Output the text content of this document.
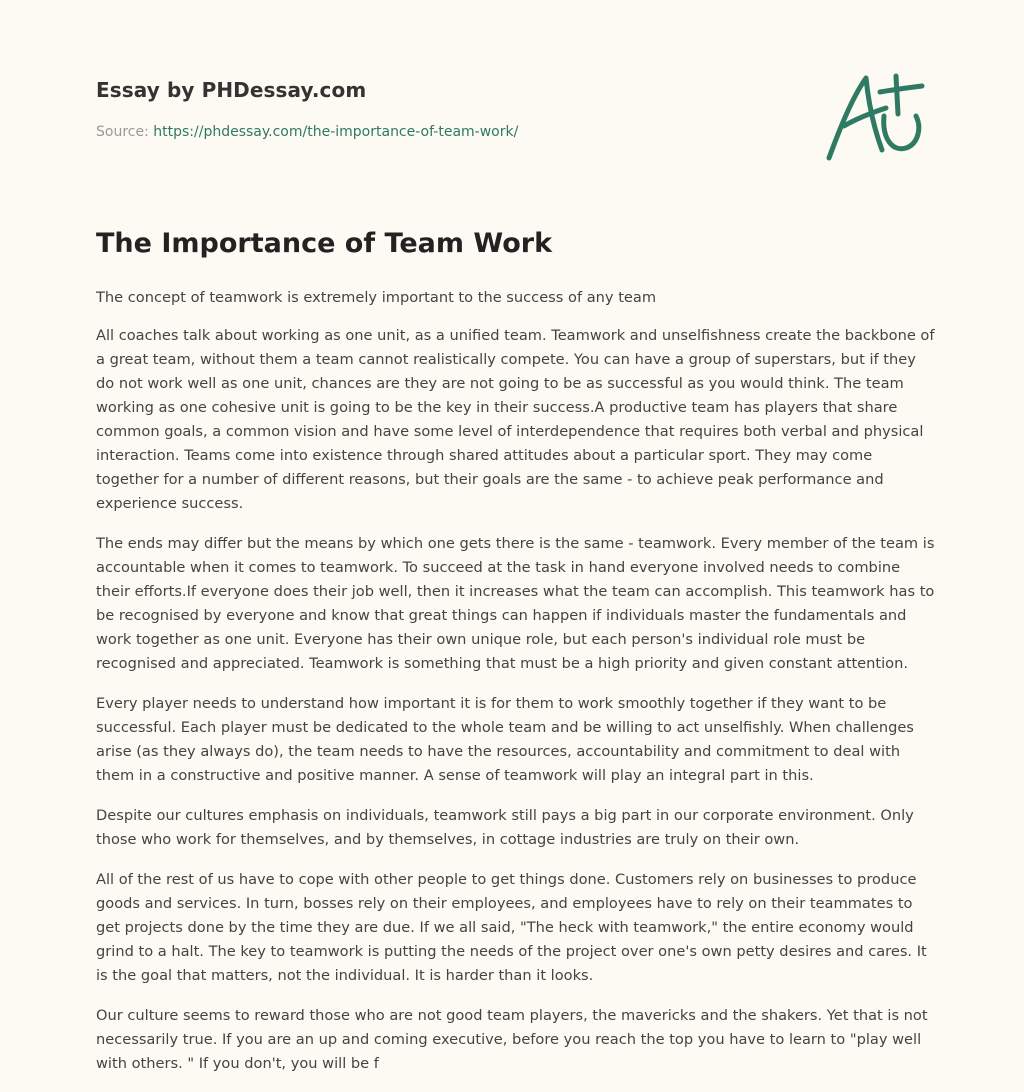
Essay by PHDessay.com

Source: https://phdessay.com/the-importance-of-team-work/
The Importance of Team Work

The concept of teamwork is extremely important to the success of any team

All coaches talk about working as one unit, as a unified team. Teamwork and unselfishness create the backbone of a great team, without them a team cannot realistically compete. You can have a group of superstars, but if they do not work well as one unit, chances are they are not going to be as successful as you would think. The team working as one cohesive unit is going to be the key in their success.A productive team has players that share common goals, a common vision and have some level of interdependence that requires both verbal and physical interaction. Teams come into existence through shared attitudes about a particular sport. They may come together for a number of different reasons, but their goals are the same - to achieve peak performance and experience success.

The ends may differ but the means by which one gets there is the same - teamwork. Every member of the team is accountable when it comes to teamwork. To succeed at the task in hand everyone involved needs to combine their efforts.If everyone does their job well, then it increases what the team can accomplish. This teamwork has to be recognised by everyone and know that great things can happen if individuals master the fundamentals and work together as one unit. Everyone has their own unique role, but each person's individual role must be recognised and appreciated. Teamwork is something that must be a high priority and given constant attention.

Every player needs to understand how important it is for them to work smoothly together if they want to be successful. Each player must be dedicated to the whole team and be willing to act unselfishly. When challenges arise (as they always do), the team needs to have the resources, accountability and commitment to deal with them in a constructive and positive manner. A sense of teamwork will play an integral part in this.

Despite our cultures emphasis on individuals, teamwork still pays a big part in our corporate environment. Only those who work for themselves, and by themselves, in cottage industries are truly on their own.

All of the rest of us have to cope with other people to get things done. Customers rely on businesses to produce goods and services. In turn, bosses rely on their employees, and employees have to rely on their teammates to get projects done by the time they are due. If we all said, "The heck with teamwork," the entire economy would grind to a halt. The key to teamwork is putting the needs of the project over one's own petty desires and cares. It is the goal that matters, not the individual. It is harder than it looks.

Our culture seems to reward those who are not good team players, the mavericks and the shakers. Yet that is not necessarily true. If you are an up and coming executive, before you reach the top you have to learn to "play well with others. " If you don't, you will be f
